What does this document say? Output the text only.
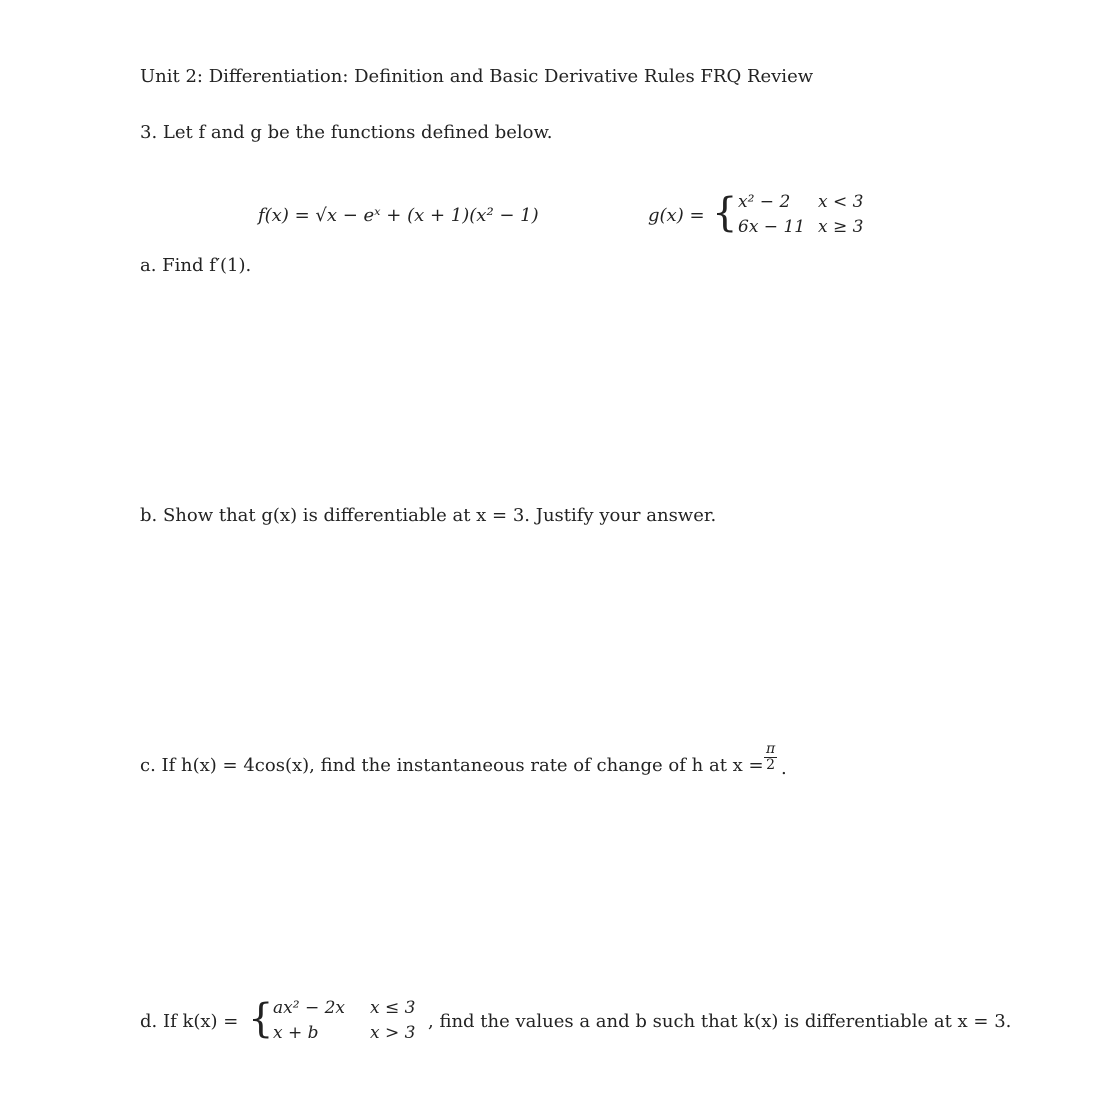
Unit 2: Differentiation: Definition and Basic Derivative Rules FRQ Review
3. Let f and g be the functions defined below.
f(x) = √x − eˣ + (x + 1)(x² − 1)	g(x) = { x² − 2 x < 3
6x − 11 x ≥ 3
a. Find f′(1).
b. Show that g(x) is differentiable at x = 3. Justify your answer.
c. If h(x) = 4cos(x), find the instantaneous rate of change of h at $x = \frac{\pi}{2}$ .
d. If k(x) = { ax² − 2x x ≤ 3
x + b	x > 3
, find the values a and b such that k(x) is differentiable at x = 3.
